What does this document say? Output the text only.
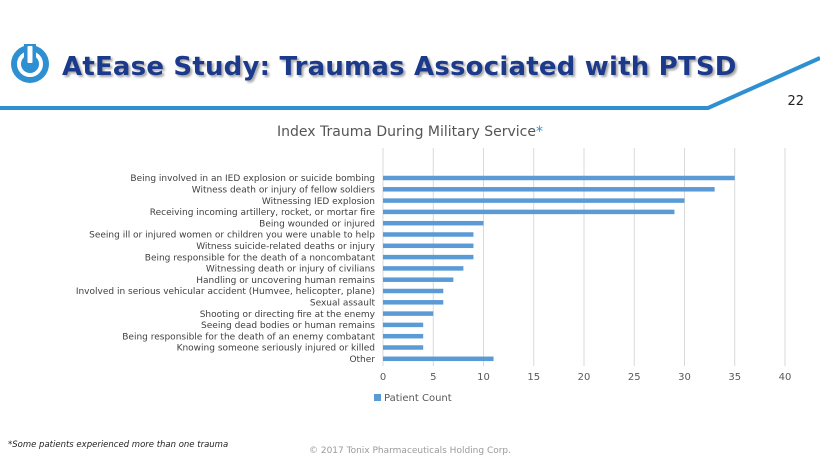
AtEase Study: Traumas Associated with PTSD
22
Index Trauma During Military Service*
0	5	10	15	20	25	30	35	40
Being involved in an IED explosion or suicide bombing
Witness death or injury of fellow soldiers
Witnessing IED explosion
Receiving incoming artillery, rocket, or mortar fire
Being wounded or injured
Seeing ill or injured women or children you were unable to help
Witness suicide-related deaths or injury
Being responsible for the death of a noncombatant
Witnessing death or injury of civilians
Handling or uncovering human remains
Involved in serious vehicular accident (Humvee, helicopter, plane)
Sexual assault
Shooting or directing fire at the enemy
Seeing dead bodies or human remains
Being responsible for the death of an enemy combatant
Knowing someone seriously injured or killed
Other
Patient Count
*Some patients experienced more than one trauma
© 2017 Tonix Pharmaceuticals Holding Corp.
